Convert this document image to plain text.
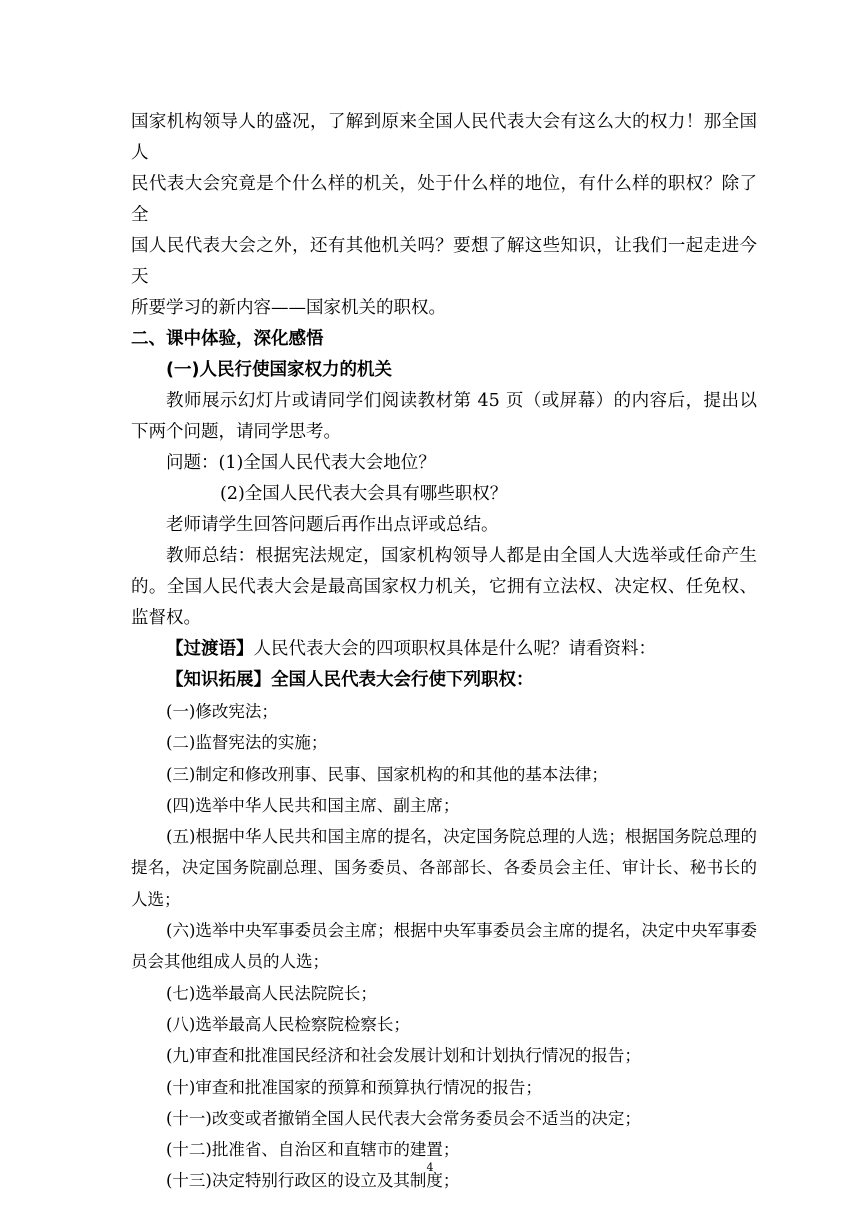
国家机构领导人的盛况，了解到原来全国人民代表大会有这么大的权力！那全国人

民代表大会究竟是个什么样的机关，处于什么样的地位，有什么样的职权？除了全

国人民代表大会之外，还有其他机关吗？要想了解这些知识，让我们一起走进今天

所要学习的新内容——国家机关的职权。

二、课中体验，深化感悟

(一)人民行使国家权力的机关

教师展示幻灯片或请同学们阅读教材第 45 页（或屏幕）的内容后，提出以下两个问题，请同学思考。

问题：(1)全国人民代表大会地位？

(2)全国人民代表大会具有哪些职权？

老师请学生回答问题后再作出点评或总结。

教师总结：根据宪法规定，国家机构领导人都是由全国人大选举或任命产生的。全国人民代表大会是最高国家权力机关，它拥有立法权、决定权、任免权、监督权。

【过渡语】人民代表大会的四项职权具体是什么呢？请看资料：

【知识拓展】全国人民代表大会行使下列职权：

(一)修改宪法；

(二)监督宪法的实施；

(三)制定和修改刑事、民事、国家机构的和其他的基本法律；

(四)选举中华人民共和国主席、副主席；

(五)根据中华人民共和国主席的提名，决定国务院总理的人选；根据国务院总理的提名，决定国务院副总理、国务委员、各部部长、各委员会主任、审计长、秘书长的人选；

(六)选举中央军事委员会主席；根据中央军事委员会主席的提名，决定中央军事委员会其他组成人员的人选；

(七)选举最高人民法院院长；

(八)选举最高人民检察院检察长；

(九)审查和批准国民经济和社会发展计划和计划执行情况的报告；

(十)审查和批准国家的预算和预算执行情况的报告；

(十一)改变或者撤销全国人民代表大会常务委员会不适当的决定；

(十二)批准省、自治区和直辖市的建置；

(十三)决定特别行政区的设立及其制度；

4
